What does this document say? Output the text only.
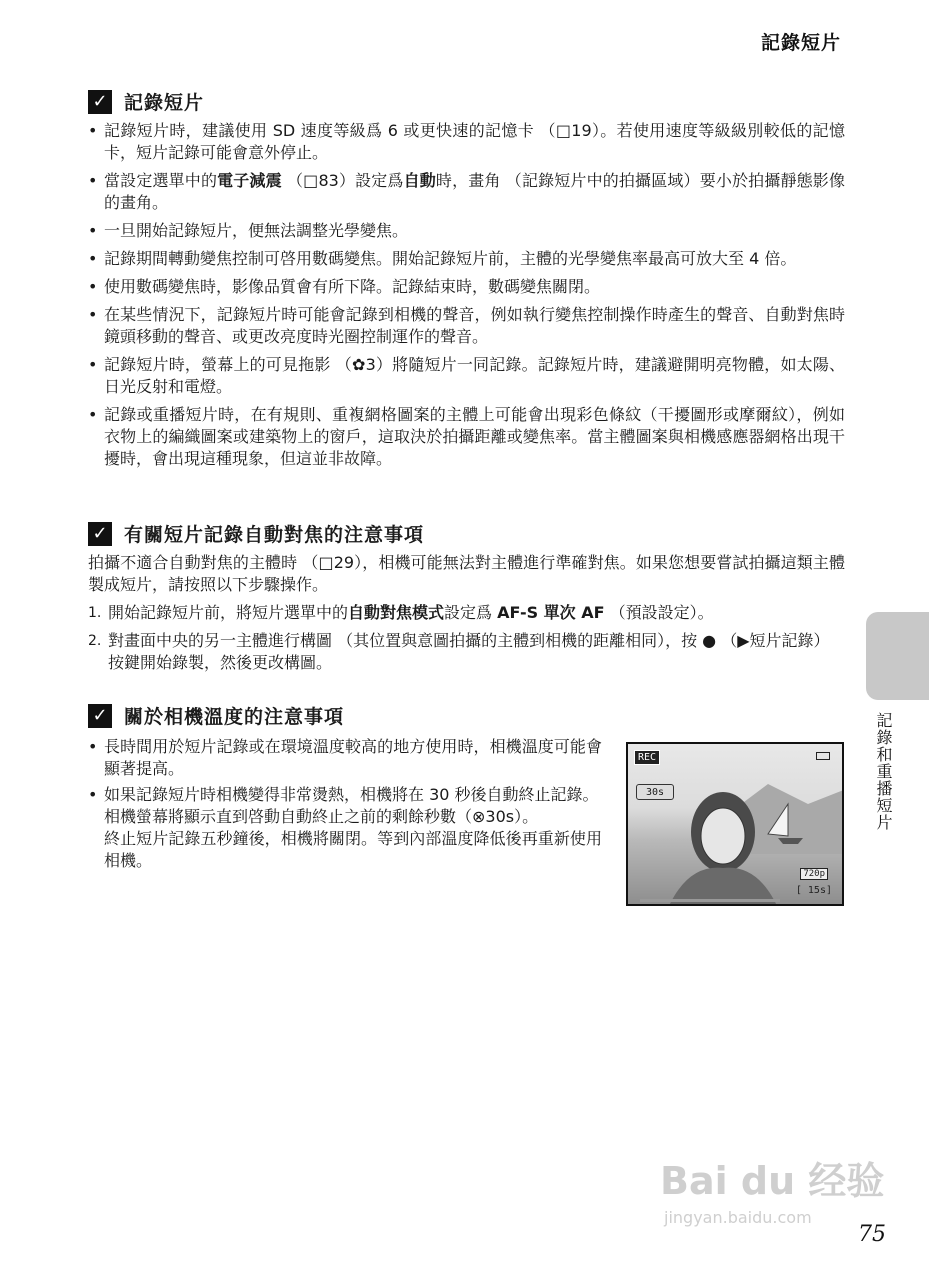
記錄短片
✓ 記錄短片
• 記錄短片時，建議使用 SD 速度等級爲 6 或更快速的記憶卡 （□19）。若使用速度等級級別較低的記憶卡，短片記錄可能會意外停止。
• 當設定選單中的電子減震 （□83）設定爲自動時，畫角 （記錄短片中的拍攝區域）要小於拍攝靜態影像的畫角。
• 一旦開始記錄短片，便無法調整光學變焦。
• 記錄期間轉動變焦控制可啓用數碼變焦。開始記錄短片前，主體的光學變焦率最高可放大至 4 倍。
• 使用數碼變焦時，影像品質會有所下降。記錄結束時，數碼變焦關閉。
• 在某些情況下，記錄短片時可能會記錄到相機的聲音，例如執行變焦控制操作時產生的聲音、自動對焦時鏡頭移動的聲音、或更改亮度時光圈控制運作的聲音。
• 記錄短片時，螢幕上的可見拖影 （✿3）將隨短片一同記錄。記錄短片時，建議避開明亮物體，如太陽、日光反射和電燈。
• 記錄或重播短片時，在有規則、重複網格圖案的主體上可能會出現彩色條紋（干擾圖形或摩爾紋），例如衣物上的編織圖案或建築物上的窗戶，這取決於拍攝距離或變焦率。當主體圖案與相機感應器網格出現干擾時，會出現這種現象，但這並非故障。
✓ 有關短片記錄自動對焦的注意事項
拍攝不適合自動對焦的主體時 （□29），相機可能無法對主體進行準確對焦。如果您想要嘗試拍攝這類主體製成短片，請按照以下步驟操作。
1. 開始記錄短片前，將短片選單中的自動對焦模式設定爲 AF-S 單次 AF （預設設定）。
2. 對畫面中央的另一主體進行構圖 （其位置與意圖拍攝的主體到相機的距離相同），按 ● （▶短片記錄）按鍵開始錄製，然後更改構圖。
✓ 關於相機溫度的注意事項
• 長時間用於短片記錄或在環境溫度較高的地方使用時，相機溫度可能會顯著提高。
• 如果記錄短片時相機變得非常燙熱，相機將在 30 秒後自動終止記錄。
相機螢幕將顯示直到啓動自動終止之前的剩餘秒數（⊗30s）。
終止短片記錄五秒鐘後，相機將關閉。等到內部溫度降低後再重新使用相機。
REC
30s
720p
[ 15s]
記錄和重播短片
Bai du 经验
jingyan.baidu.com
75
